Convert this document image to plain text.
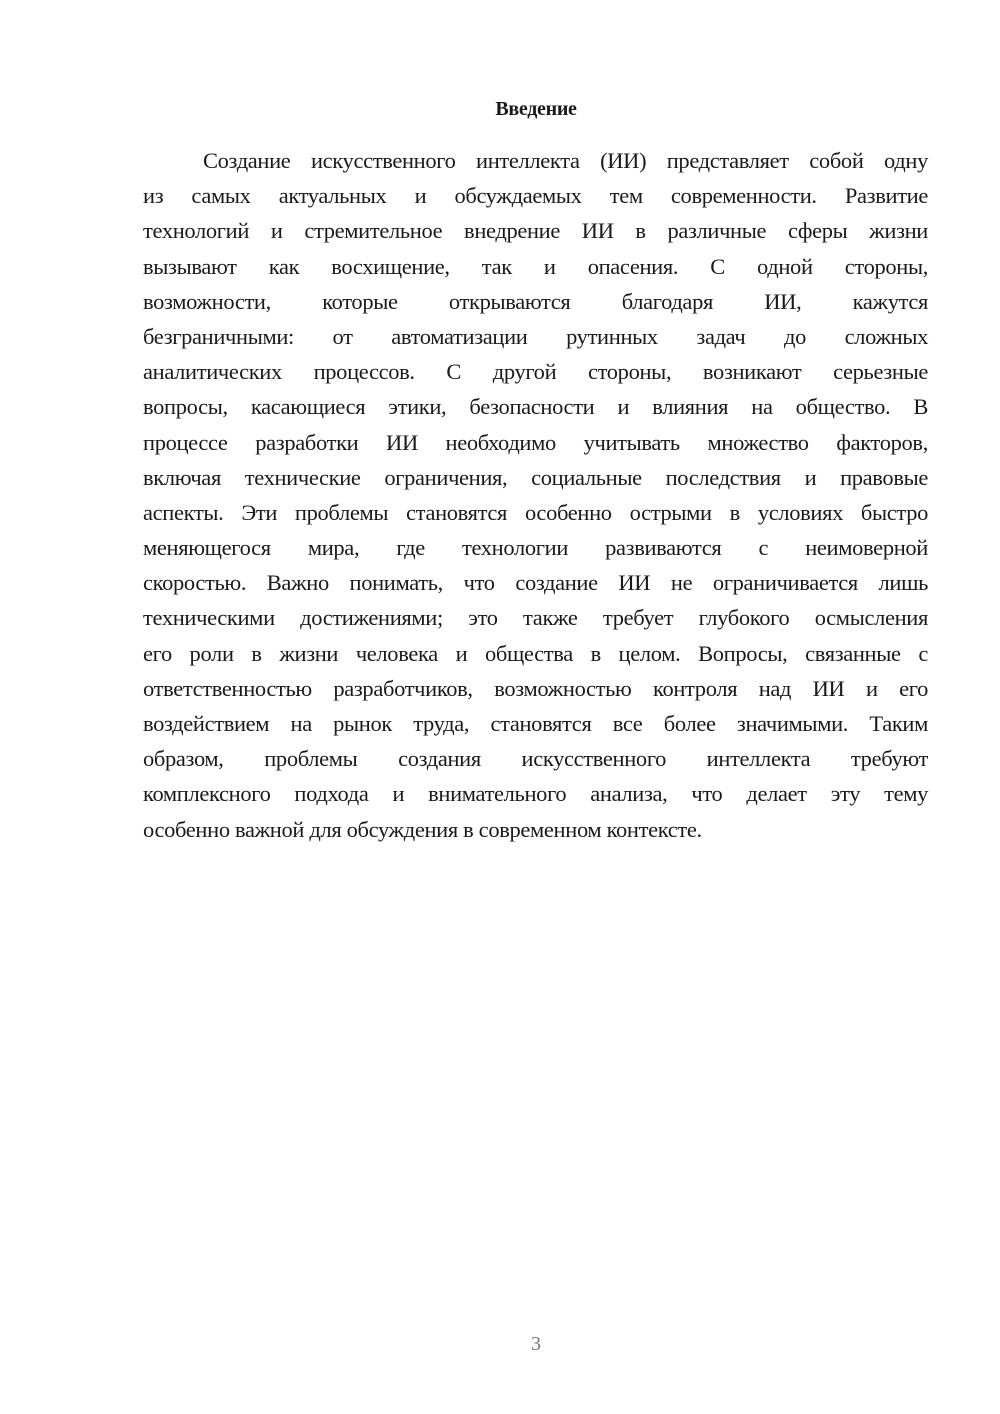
Введение
Создание искусственного интеллекта (ИИ) представляет собой одну
из самых актуальных и обсуждаемых тем современности. Развитие
технологий и стремительное внедрение ИИ в различные сферы жизни
вызывают как восхищение, так и опасения. С одной стороны,
возможности, которые открываются благодаря ИИ, кажутся
безграничными: от автоматизации рутинных задач до сложных
аналитических процессов. С другой стороны, возникают серьезные
вопросы, касающиеся этики, безопасности и влияния на общество. В
процессе разработки ИИ необходимо учитывать множество факторов,
включая технические ограничения, социальные последствия и правовые
аспекты. Эти проблемы становятся особенно острыми в условиях быстро
меняющегося мира, где технологии развиваются с неимоверной
скоростью. Важно понимать, что создание ИИ не ограничивается лишь
техническими достижениями; это также требует глубокого осмысления
его роли в жизни человека и общества в целом. Вопросы, связанные с
ответственностью разработчиков, возможностью контроля над ИИ и его
воздействием на рынок труда, становятся все более значимыми. Таким
образом, проблемы создания искусственного интеллекта требуют
комплексного подхода и внимательного анализа, что делает эту тему
особенно важной для обсуждения в современном контексте.
3
